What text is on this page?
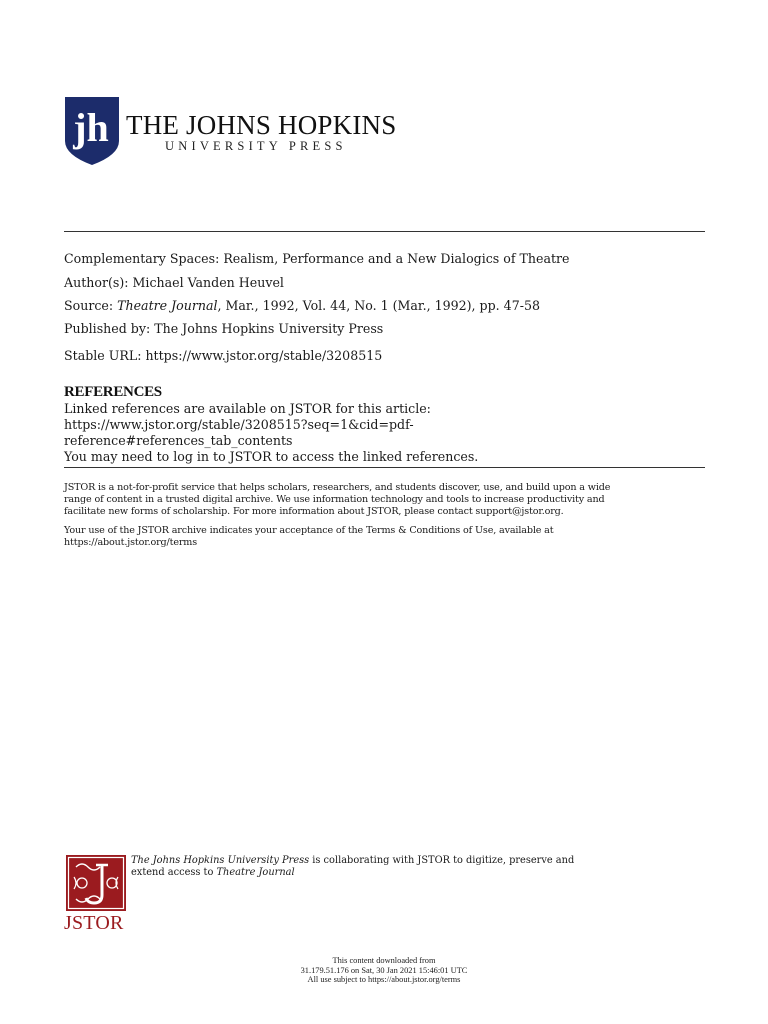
jh THE JOHNS HOPKINS
UNIVERSITY PRESS
Complementary Spaces: Realism, Performance and a New Dialogics of Theatre
Author(s): Michael Vanden Heuvel
Source: Theatre Journal, Mar., 1992, Vol. 44, No. 1 (Mar., 1992), pp. 47-58
Published by: The Johns Hopkins University Press
Stable URL: https://www.jstor.org/stable/3208515
REFERENCES
Linked references are available on JSTOR for this article:
https://www.jstor.org/stable/3208515?seq=1&cid=pdf-
reference#references_tab_contents
You may need to log in to JSTOR to access the linked references.
JSTOR is a not-for-profit service that helps scholars, researchers, and students discover, use, and build upon a wide
range of content in a trusted digital archive. We use information technology and tools to increase productivity and
facilitate new forms of scholarship. For more information about JSTOR, please contact support@jstor.org.
Your use of the JSTOR archive indicates your acceptance of the Terms & Conditions of Use, available at
https://about.jstor.org/terms
JSTOR
The Johns Hopkins University Press is collaborating with JSTOR to digitize, preserve and
extend access to Theatre Journal
This content downloaded from
31.179.51.176 on Sat, 30 Jan 2021 15:46:01 UTC
All use subject to https://about.jstor.org/terms
